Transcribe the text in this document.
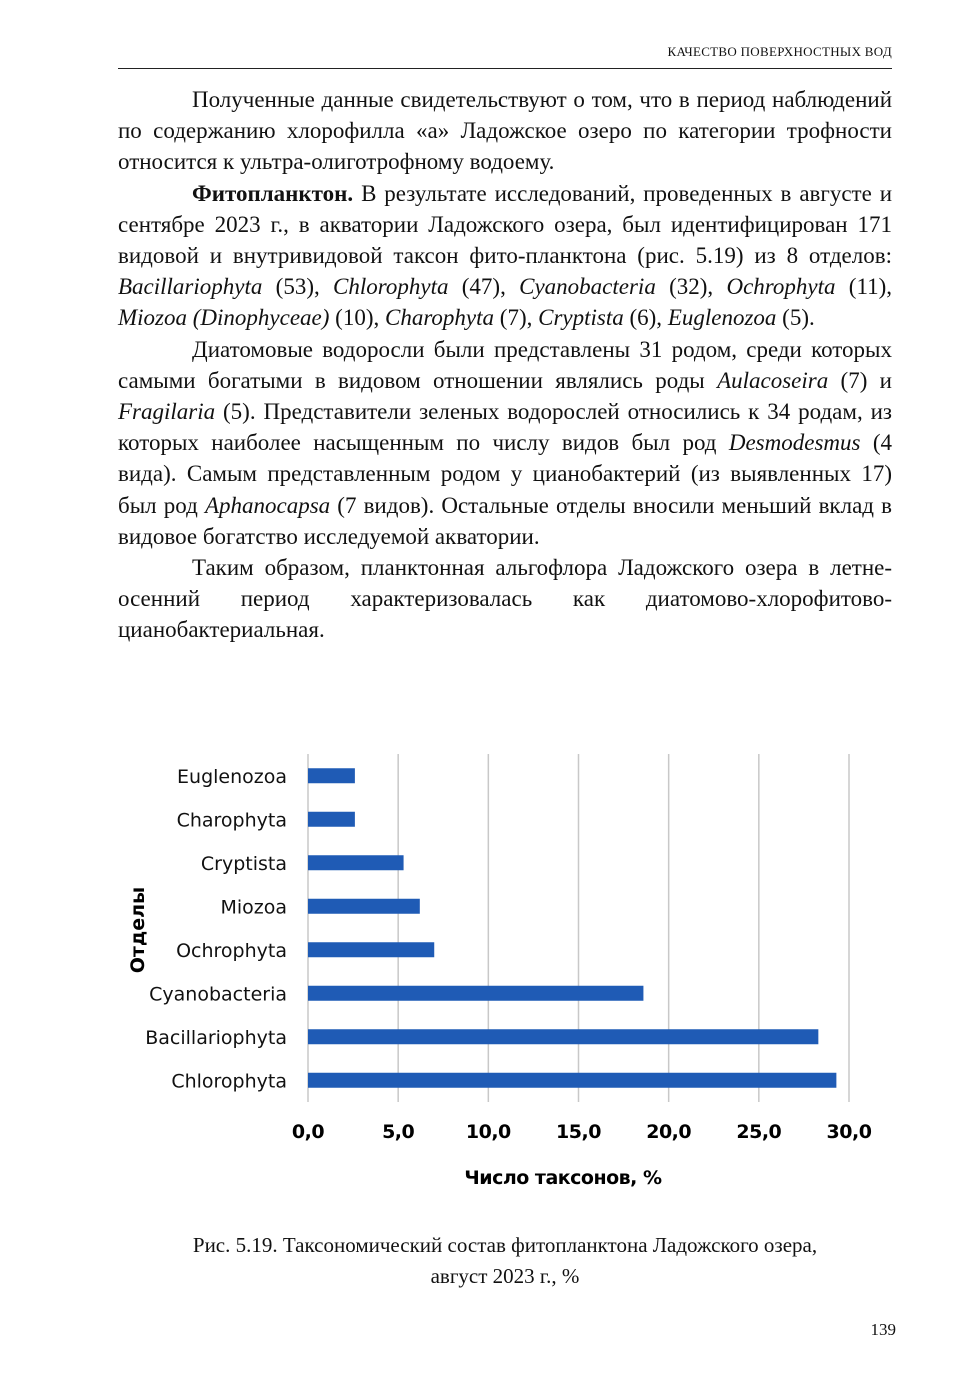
КАЧЕСТВО ПОВЕРХНОСТНЫХ ВОД

Полученные данные свидетельствуют о том, что в период наблюдений по содержанию хлорофилла «а» Ладожское озеро по категории трофности относится к ультра-олиготрофному водоему.

Фитопланктон. В результате исследований, проведенных в августе и сентябре 2023 г., в акватории Ладожского озера, был идентифицирован 171 видовой и внутривидовой таксон фито-планктона (рис. 5.19) из 8 отделов: Bacillariophyta (53), Chlorophyta (47), Cyanobacteria (32), Ochrophyta (11), Miozoa (Dinophyceae) (10), Charophyta (7), Cryptista (6), Euglenozoa (5).

Диатомовые водоросли были представлены 31 родом, среди которых самыми богатыми в видовом отношении являлись роды Aulacoseira (7) и Fragilaria (5). Представители зеленых водорослей относились к 34 родам, из которых наиболее насыщенным по числу видов был род Desmodesmus (4 вида). Самым представленным родом у цианобактерий (из выявленных 17) был род Aphanocapsa (7 видов). Остальные отделы вносили меньший вклад в видовое богатство исследуемой акватории.

Таким образом, планктонная альгофлора Ладожского озера в летне-осенний период характеризовалась как диатомово-хлорофитово-цианобактериальная.

Euglenozoa
Charophyta
Cryptista
Miozoa
Ochrophyta
Cyanobacteria
Bacillariophyta
Chlorophyta
0,0	5,0	10,0 15,0 20,0 25,0 30,0
Отделы
Число таксонов, %
Рис. 5.19. Таксономический состав фитопланктона Ладожского озера,
август 2023 г., %
139
